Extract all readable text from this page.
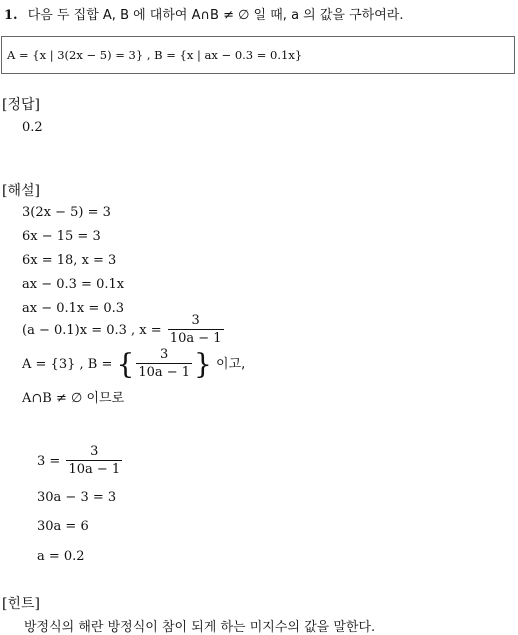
1. 다음 두 집합 A, B 에 대하여 A∩B ≠ ∅ 일 때, a 의 값을 구하여라.
A = {x | 3(2x − 5) = 3} , B = {x | ax − 0.3 = 0.1x}
[정답]
0.2
[해설]
3(2x − 5) = 3
6x − 15 = 3
6x = 18, x = 3
ax − 0.3 = 0.1x
ax − 0.1x = 0.3
(a − 0.1)x = 0.3 , $x = \frac{3}{10a - 1}$
A = {3} , B = { $\frac{3}{10a - 1}$ } 이고,
A∩B ≠ ∅ 이므로
$3 = \frac{3}{10a - 1}$
30a − 3 = 3
30a = 6
a = 0.2
[힌트]
방정식의 해란 방정식이 참이 되게 하는 미지수의 값을 말한다.
